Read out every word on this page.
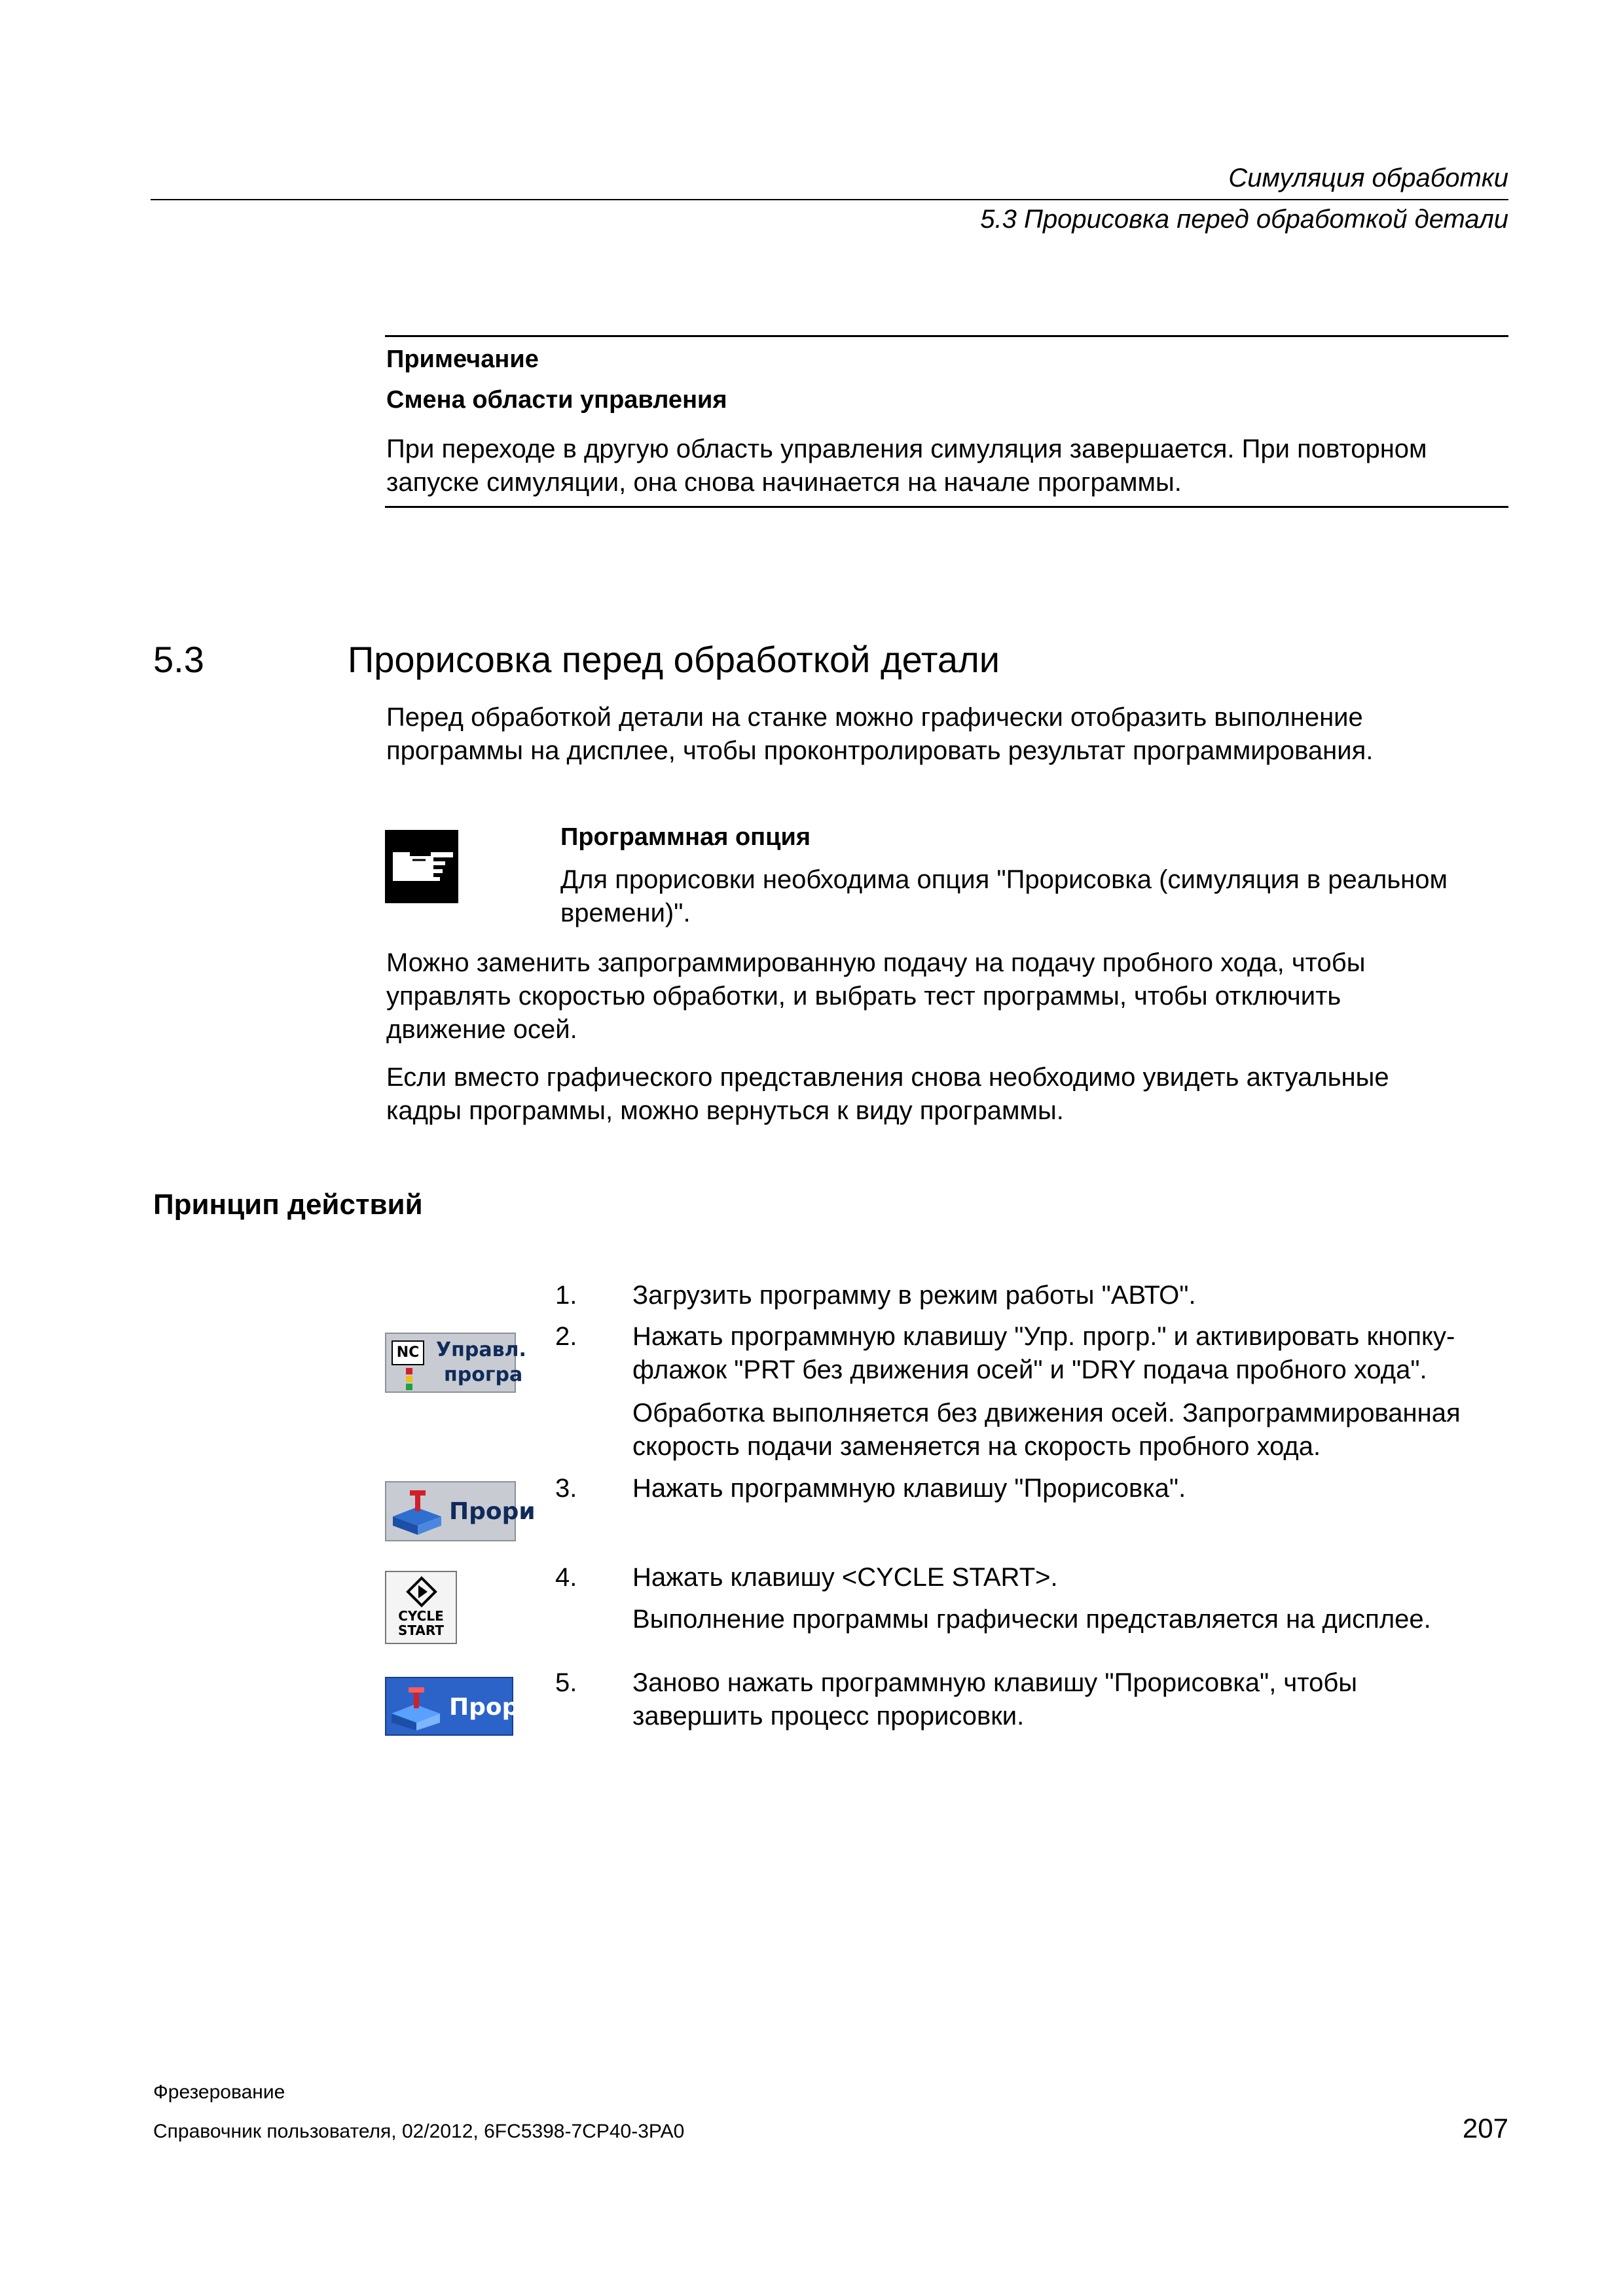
Симуляция обработки
5.3 Прорисовка перед обработкой детали
Примечание
Смена области управления
При переходе в другую область управления симуляция завершается. При повторном
запуске симуляции, она снова начинается на начале программы.
5.3	Прорисовка перед обработкой детали
Перед обработкой детали на станке можно графически отобразить выполнение
программы на дисплее, чтобы проконтролировать результат программирования.
Программная опция
Для прорисовки необходима опция "Прорисовка (симуляция в реальном
времени)".
Можно заменить запрограммированную подачу на подачу пробного хода, чтобы
управлять скоростью обработки, и выбрать тест программы, чтобы отключить
движение осей.
Если вместо графического представления снова необходимо увидеть актуальные
кадры программы, можно вернуться к виду программы.
Принцип действий
1.	Загрузить программу в режим работы "АВТО".
NC Управл.
програ
2.	Нажать программную клавишу "Упр. прогр." и активировать кнопку-
флажок "PRT без движения осей" и "DRY подача пробного хода".
Обработка выполняется без движения осей. Запрограммированная
скорость подачи заменяется на скорость пробного хода.
Прори
3.	Нажать программную клавишу "Прорисовка".
CYCLE
START
4.	Нажать клавишу <CYCLE START>.
Выполнение программы графически представляется на дисплее.
Прори
5.	Заново нажать программную клавишу "Прорисовка", чтобы
завершить процесс прорисовки.
Фрезерование
Справочник пользователя, 02/2012, 6FC5398-7CP40-3PA0	207
